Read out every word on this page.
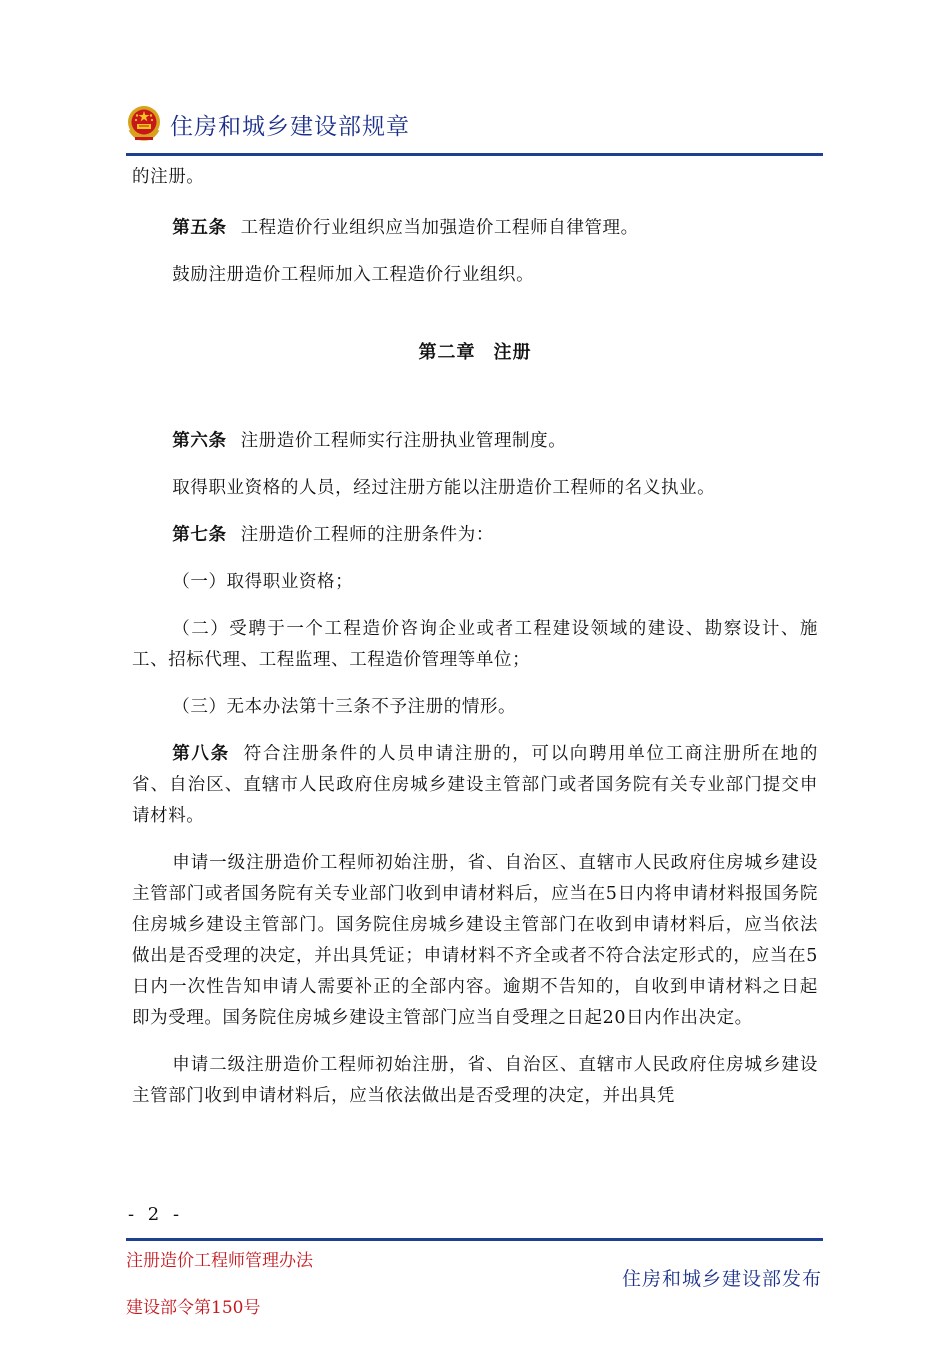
住房和城乡建设部规章

的注册。

第五条 工程造价行业组织应当加强造价工程师自律管理。

鼓励注册造价工程师加入工程造价行业组织。

第二章 注册

第六条 注册造价工程师实行注册执业管理制度。

取得职业资格的人员，经过注册方能以注册造价工程师的名义执业。

第七条 注册造价工程师的注册条件为：

（一）取得职业资格；

（二）受聘于一个工程造价咨询企业或者工程建设领域的建设、勘察设计、施工、招标代理、工程监理、工程造价管理等单位；

（三）无本办法第十三条不予注册的情形。

第八条 符合注册条件的人员申请注册的，可以向聘用单位工商注册所在地的省、自治区、直辖市人民政府住房城乡建设主管部门或者国务院有关专业部门提交申请材料。

申请一级注册造价工程师初始注册，省、自治区、直辖市人民政府住房城乡建设主管部门或者国务院有关专业部门收到申请材料后，应当在5日内将申请材料报国务院住房城乡建设主管部门。国务院住房城乡建设主管部门在收到申请材料后，应当依法做出是否受理的决定，并出具凭证；申请材料不齐全或者不符合法定形式的，应当在5日内一次性告知申请人需要补正的全部内容。逾期不告知的，自收到申请材料之日起即为受理。国务院住房城乡建设主管部门应当自受理之日起20日内作出决定。

申请二级注册造价工程师初始注册，省、自治区、直辖市人民政府住房城乡建设主管部门收到申请材料后，应当依法做出是否受理的决定，并出具凭

- 2 -
注册造价工程师管理办法
建设部令第150号
住房和城乡建设部发布
